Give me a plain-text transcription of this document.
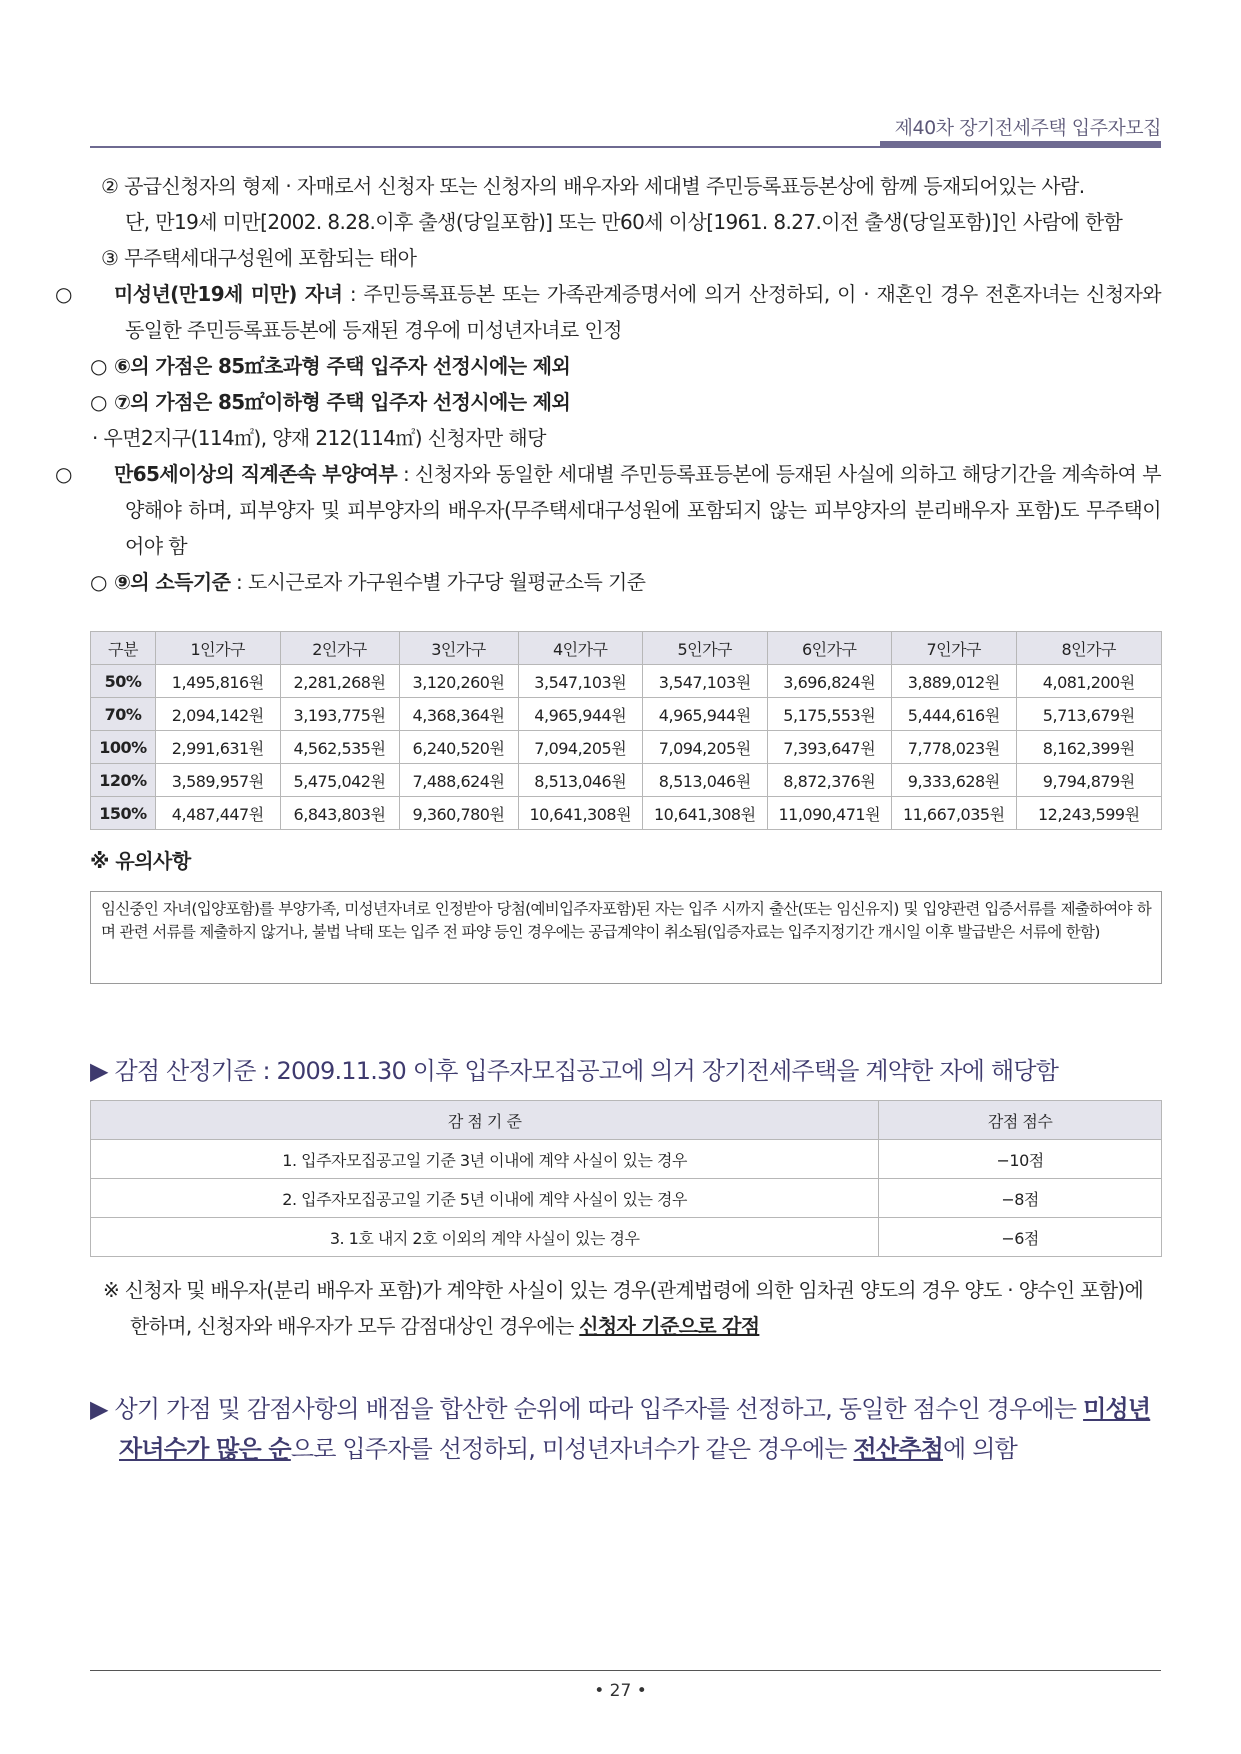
제40차 장기전세주택 입주자모집
② 공급신청자의 형제 · 자매로서 신청자 또는 신청자의 배우자와 세대별 주민등록표등본상에 함께 등재되어있는 사람.
단, 만19세 미만[2002. 8.28.이후 출생(당일포함)] 또는 만60세 이상[1961. 8.27.이전 출생(당일포함)]인 사람에 한함
③ 무주택세대구성원에 포함되는 태아
○ 미성년(만19세 미만) 자녀 : 주민등록표등본 또는 가족관계증명서에 의거 산정하되, 이 · 재혼인 경우 전혼자녀는 신청자와 동일한 주민등록표등본에 등재된 경우에 미성년자녀로 인정
○ ⑥의 가점은 85㎡초과형 주택 입주자 선정시에는 제외
○ ⑦의 가점은 85㎡이하형 주택 입주자 선정시에는 제외
· 우면2지구(114㎡), 양재 212(114㎡) 신청자만 해당
○ 만65세이상의 직계존속 부양여부 : 신청자와 동일한 세대별 주민등록표등본에 등재된 사실에 의하고 해당기간을 계속하여 부양해야 하며, 피부양자 및 피부양자의 배우자(무주택세대구성원에 포함되지 않는 피부양자의 분리배우자 포함)도 무주택이어야 함
○ ⑨의 소득기준 : 도시근로자 가구원수별 가구당 월평균소득 기준
구분	1인가구	2인가구	3인가구	4인가구	5인가구	6인가구	7인가구	8인가구
50%	1,495,816원	2,281,268원	3,120,260원	3,547,103원	3,547,103원	3,696,824원	3,889,012원	4,081,200원
70%	2,094,142원	3,193,775원	4,368,364원	4,965,944원	4,965,944원	5,175,553원	5,444,616원	5,713,679원
100%	2,991,631원	4,562,535원	6,240,520원	7,094,205원	7,094,205원	7,393,647원	7,778,023원	8,162,399원
120%	3,589,957원	5,475,042원	7,488,624원	8,513,046원	8,513,046원	8,872,376원	9,333,628원	9,794,879원
150%	4,487,447원	6,843,803원	9,360,780원	10,641,308원	10,641,308원	11,090,471원	11,667,035원	12,243,599원
※ 유의사항
임신중인 자녀(입양포함)를 부양가족, 미성년자녀로 인정받아 당첨(예비입주자포함)된 자는 입주 시까지 출산(또는 임신유지) 및 입양관련 입증서류를 제출하여야 하며 관련 서류를 제출하지 않거나, 불법 낙태 또는 입주 전 파양 등인 경우에는 공급계약이 취소됨(입증자료는 입주지정기간 개시일 이후 발급받은 서류에 한함)
▶ 감점 산정기준 : 2009.11.30 이후 입주자모집공고에 의거 장기전세주택을 계약한 자에 해당함
감 점 기 준	감점 점수
1. 입주자모집공고일 기준 3년 이내에 계약 사실이 있는 경우	−10점
2. 입주자모집공고일 기준 5년 이내에 계약 사실이 있는 경우	−8점
3. 1호 내지 2호 이외의 계약 사실이 있는 경우	−6점
※ 신청자 및 배우자(분리 배우자 포함)가 계약한 사실이 있는 경우(관계법령에 의한 임차권 양도의 경우 양도 · 양수인 포함)에
한하며, 신청자와 배우자가 모두 감점대상인 경우에는 신청자 기준으로 감점
▶ 상기 가점 및 감점사항의 배점을 합산한 순위에 따라 입주자를 선정하고, 동일한 점수인 경우에는 미성년
자녀수가 많은 순으로 입주자를 선정하되, 미성년자녀수가 같은 경우에는 전산추첨에 의함
• 27 •
